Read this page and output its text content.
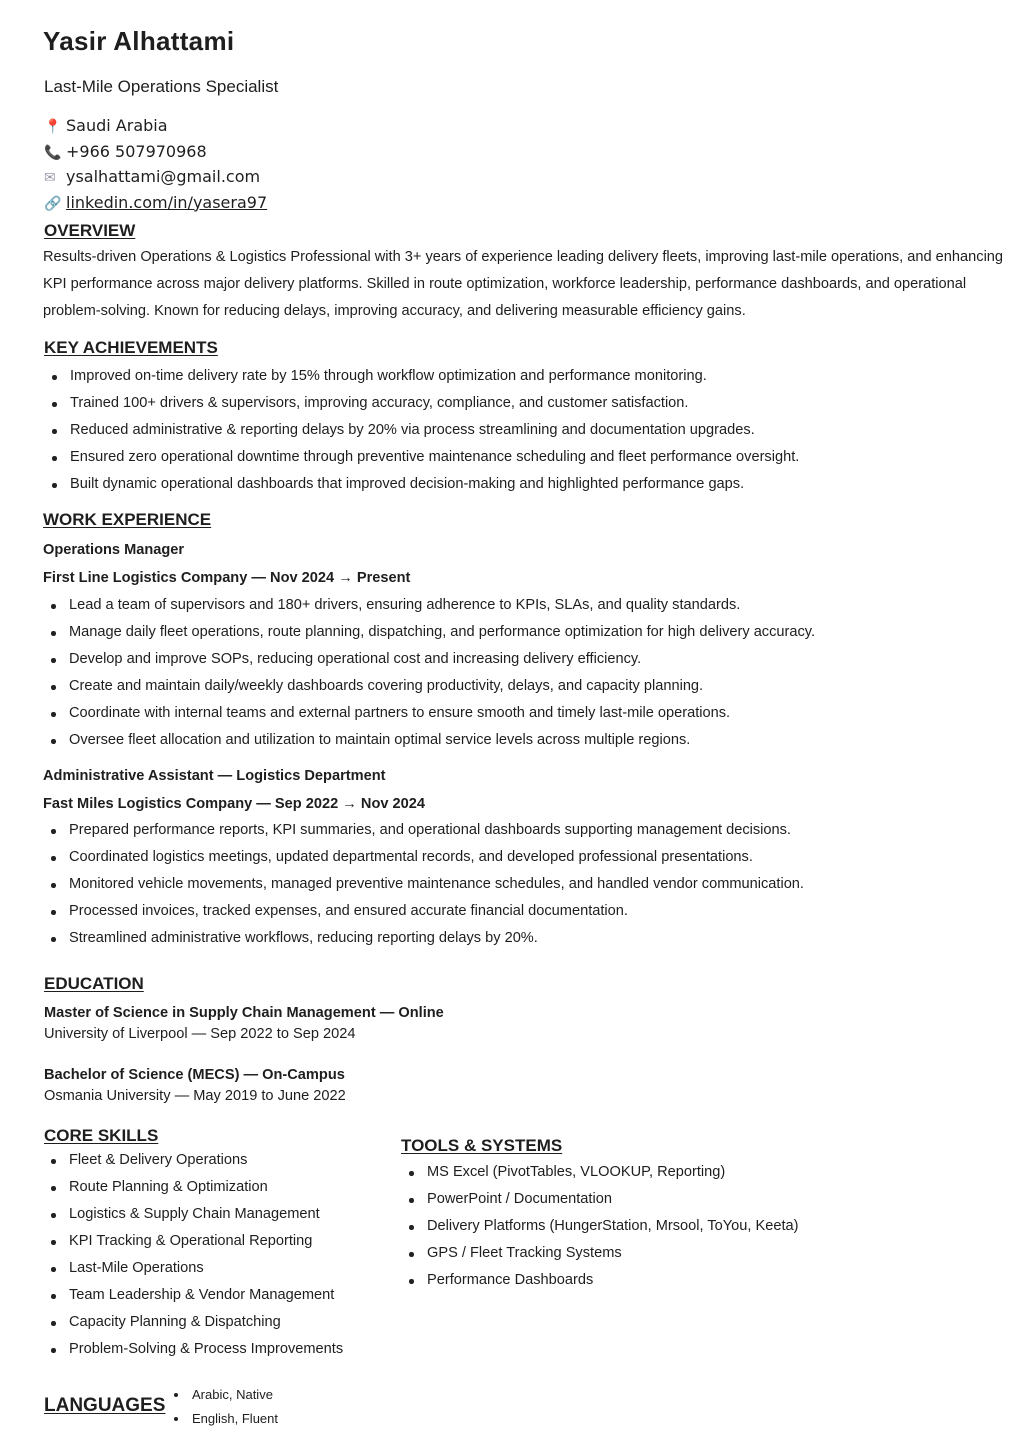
Yasir Alhattami
Last-Mile Operations Specialist
📍 Saudi Arabia
📞 +966 507970968
✉ ysalhattami@gmail.com
🔗 linkedin.com/in/yasera97
OVERVIEW
Results-driven Operations & Logistics Professional with 3+ years of experience leading delivery fleets, improving last-mile operations, and enhancing KPI performance across major delivery platforms. Skilled in route optimization, workforce leadership, performance dashboards, and operational problem-solving. Known for reducing delays, improving accuracy, and delivering measurable efficiency gains.
KEY ACHIEVEMENTS
Improved on-time delivery rate by 15% through workflow optimization and performance monitoring.
Trained 100+ drivers & supervisors, improving accuracy, compliance, and customer satisfaction.
Reduced administrative & reporting delays by 20% via process streamlining and documentation upgrades.
Ensured zero operational downtime through preventive maintenance scheduling and fleet performance oversight.
Built dynamic operational dashboards that improved decision-making and highlighted performance gaps.
WORK EXPERIENCE
Operations Manager
First Line Logistics Company — Nov 2024 → Present
Lead a team of supervisors and 180+ drivers, ensuring adherence to KPIs, SLAs, and quality standards.
Manage daily fleet operations, route planning, dispatching, and performance optimization for high delivery accuracy.
Develop and improve SOPs, reducing operational cost and increasing delivery efficiency.
Create and maintain daily/weekly dashboards covering productivity, delays, and capacity planning.
Coordinate with internal teams and external partners to ensure smooth and timely last-mile operations.
Oversee fleet allocation and utilization to maintain optimal service levels across multiple regions.
Administrative Assistant — Logistics Department
Fast Miles Logistics Company — Sep 2022 → Nov 2024
Prepared performance reports, KPI summaries, and operational dashboards supporting management decisions.
Coordinated logistics meetings, updated departmental records, and developed professional presentations.
Monitored vehicle movements, managed preventive maintenance schedules, and handled vendor communication.
Processed invoices, tracked expenses, and ensured accurate financial documentation.
Streamlined administrative workflows, reducing reporting delays by 20%.
EDUCATION
Master of Science in Supply Chain Management — Online
University of Liverpool — Sep 2022 to Sep 2024
Bachelor of Science (MECS) — On-Campus
Osmania University — May 2019 to June 2022
CORE SKILLS
Fleet & Delivery Operations
Route Planning & Optimization
Logistics & Supply Chain Management
KPI Tracking & Operational Reporting
Last-Mile Operations
Team Leadership & Vendor Management
Capacity Planning & Dispatching
Problem-Solving & Process Improvements
TOOLS & SYSTEMS
MS Excel (PivotTables, VLOOKUP, Reporting)
PowerPoint / Documentation
Delivery Platforms (HungerStation, Mrsool, ToYou, Keeta)
GPS / Fleet Tracking Systems
Performance Dashboards
LANGUAGES
Arabic, Native
English, Fluent
